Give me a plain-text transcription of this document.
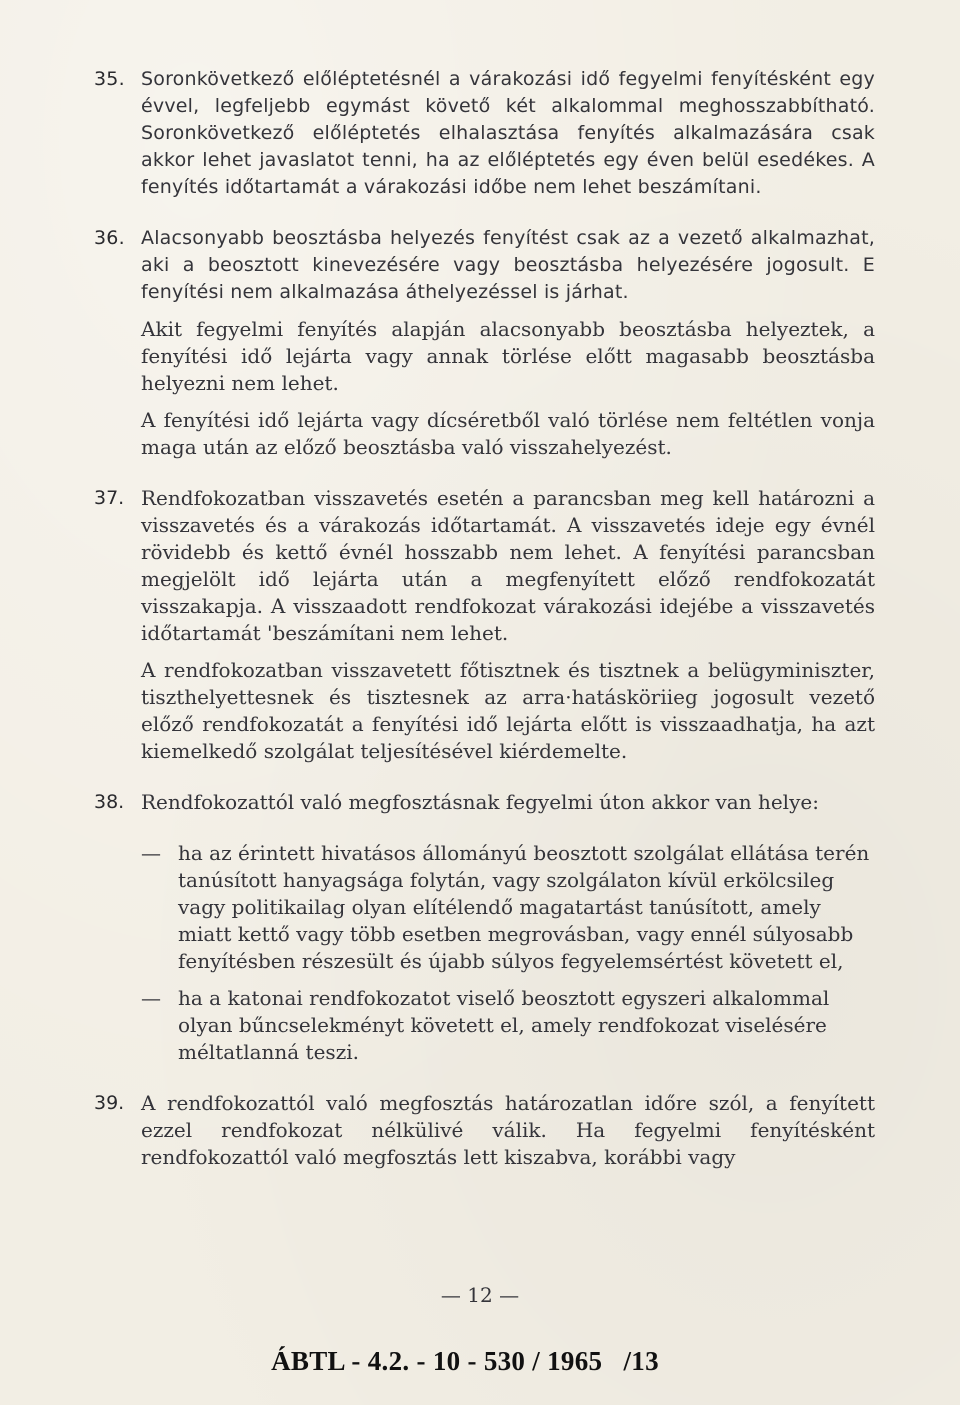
35. Soronkövetkező előléptetésnél a várakozási idő fegyelmi fenyítésként egy évvel, legfeljebb egymást követő két alkalommal meghosszabbítható. Soronkövetkező előléptetés elhalasztása fenyítés alkalmazására csak akkor lehet javaslatot tenni, ha az előléptetés egy éven belül esedékes. A fenyítés időtartamát a várakozási időbe nem lehet beszámítani.
36. Alacsonyabb beosztásba helyezés fenyítést csak az a vezető alkalmazhat, aki a beosztott kinevezésére vagy beosztásba helyezésére jogosult. E fenyítési nem alkalmazása áthelyezéssel is járhat.
Akit fegyelmi fenyítés alapján alacsonyabb beosztásba helyeztek, a fenyítési idő lejárta vagy annak törlése előtt magasabb beosztásba helyezni nem lehet.
A fenyítési idő lejárta vagy dícséretből való törlése nem feltétlen vonja maga után az előző beosztásba való visszahelyezést.
37. Rendfokozatban visszavetés esetén a parancsban meg kell határozni a visszavetés és a várakozás időtartamát. A visszavetés ideje egy évnél rövidebb és kettő évnél hosszabb nem lehet. A fenyítési parancsban megjelölt idő lejárta után a megfenyített előző rendfokozatát visszakapja. A visszaadott rendfokozat várakozási idejébe a visszavetés időtartamát 'beszámítani nem lehet.
A rendfokozatban visszavetett főtisztnek és tisztnek a belügyminiszter, tiszthelyettesnek és tisztesnek az arra·hatásköriieg jogosult vezető előző rendfokozatát a fenyítési idő lejárta előtt is visszaadhatja, ha azt kiemelkedő szolgálat teljesítésével kiérdemelte.
38. Rendfokozattól való megfosztásnak fegyelmi úton akkor van helye:
— ha az érintett hivatásos állományú beosztott szolgálat ellátása terén tanúsított hanyagsága folytán, vagy szolgálaton kívül erkölcsileg vagy politikailag olyan elítélendő magatartást tanúsított, amely miatt kettő vagy több esetben megrovásban, vagy ennél súlyosabb fenyítésben részesült és újabb súlyos fegyelemsértést követett el,
— ha a katonai rendfokozatot viselő beosztott egyszeri alkalommal olyan bűncselekményt követett el, amely rendfokozat viselésére méltatlanná teszi.
39. A rendfokozattól való megfosztás határozatlan időre szól, a fenyített ezzel rendfokozat nélkülivé válik. Ha fegyelmi fenyítésként rendfokozattól való megfosztás lett kiszabva, korábbi vagy
— 12 —
ÁBTL - 4.2. - 10 - 530 / 1965   /13
